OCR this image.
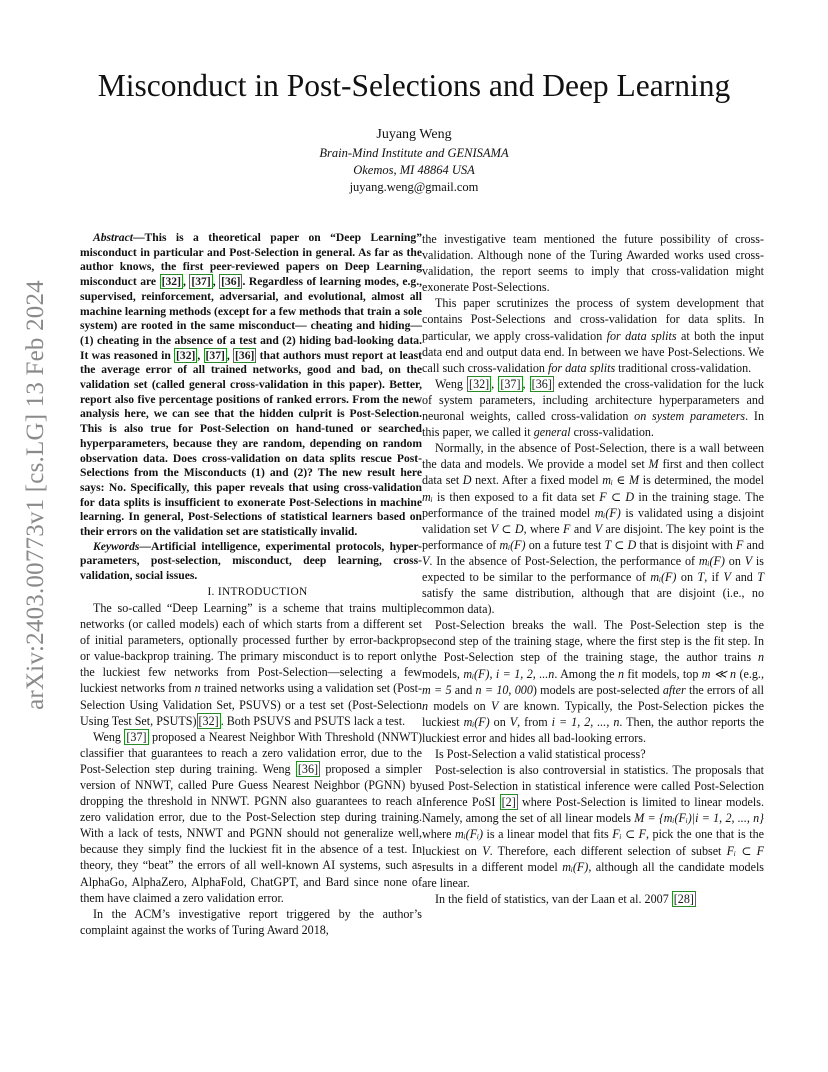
arXiv:2403.00773v1 [cs.LG] 13 Feb 2024
Misconduct in Post-Selections and Deep Learning
Juyang Weng
Brain-Mind Institute and GENISAMA
Okemos, MI 48864 USA
juyang.weng@gmail.com

Abstract—This is a theoretical paper on “Deep Learning” misconduct in particular and Post-Selection in general. As far as the author knows, the first peer-reviewed papers on Deep Learning misconduct are [32] , [37] , [36] . Regardless of learning modes, e.g., supervised, reinforcement, adversarial, and evolutional, almost all machine learning methods (except for a few methods that train a sole system) are rooted in the same misconduct— cheating and hiding—(1) cheating in the absence of a test and (2) hiding bad-looking data. It was reasoned in [32] , [37] , [36] that authors must report at least the average error of all trained networks, good and bad, on the validation set (called general cross-validation in this paper). Better, report also five percentage positions of ranked errors. From the new analysis here, we can see that the hidden culprit is Post-Selection. This is also true for Post-Selection on hand-tuned or searched hyperparameters, because they are random, depending on random observation data. Does cross-validation on data splits rescue Post-Selections from the Misconducts (1) and (2)? The new result here says: No. Specifically, this paper reveals that using cross-validation for data splits is insufficient to exonerate Post-Selections in machine learning. In general, Post-Selections of statistical learners based on their errors on the validation set are statistically invalid.

Keywords—Artificial intelligence, experimental protocols, hyper-parameters, post-selection, misconduct, deep learning, cross-validation, social issues.

I. INTRODUCTION

The so-called “Deep Learning” is a scheme that trains multiple networks (or called models) each of which starts from a different set of initial parameters, optionally processed further by error-backprop or value-backprop training. The primary misconduct is to report only the luckiest few networks from Post-Selection—selecting a few luckiest networks from n trained networks using a validation set (Post-Selection Using Validation Set, PSUVS) or a test set (Post-Selection Using Test Set, PSUTS) [32] . Both PSUVS and PSUTS lack a test.

Weng [37] proposed a Nearest Neighbor With Threshold (NNWT) classifier that guarantees to reach a zero validation error, due to the Post-Selection step during training. Weng [36] proposed a simpler version of NNWT, called Pure Guess Nearest Neighbor (PGNN) by dropping the threshold in NNWT. PGNN also guarantees to reach a zero validation error, due to the Post-Selection step during training. With a lack of tests, NNWT and PGNN should not generalize well, because they simply find the luckiest fit in the absence of a test. In theory, they “beat” the errors of all well-known AI systems, such as AlphaGo, AlphaZero, AlphaFold, ChatGPT, and Bard since none of them have claimed a zero validation error.

In the ACM’s investigative report triggered by the author’s complaint against the works of Turing Award 2018,

the investigative team mentioned the future possibility of cross-validation. Although none of the Turing Awarded works used cross-validation, the report seems to imply that cross-validation might exonerate Post-Selections.

This paper scrutinizes the process of system development that contains Post-Selections and cross-validation for data splits. In particular, we apply cross-validation for data splits at both the input data end and output data end. In between we have Post-Selections. We call such cross-validation for data splits traditional cross-validation.

Weng [32] , [37] , [36] extended the cross-validation for the luck of system parameters, including architecture hyperparameters and neuronal weights, called cross-validation on system parameters. In this paper, we called it general cross-validation.

Normally, in the absence of Post-Selection, there is a wall between the data and models. We provide a model set M first and then collect data set D next. After a fixed model mᵢ ∈ M is determined, the model mᵢ is then exposed to a fit data set F ⊂ D in the training stage. The performance of the trained model mᵢ(F) is validated using a disjoint validation set V ⊂ D, where F and V are disjoint. The key point is the performance of mᵢ(F) on a future test T ⊂ D that is disjoint with F and V. In the absence of Post-Selection, the performance of mᵢ(F) on V is expected to be similar to the performance of mᵢ(F) on T, if V and T satisfy the same distribution, although that are disjoint (i.e., no common data).

Post-Selection breaks the wall. The Post-Selection step is the second step of the training stage, where the first step is the fit step. In the Post-Selection step of the training stage, the author trains n models, mᵢ(F), i = 1, 2, ...n. Among the n fit models, top m ≪ n (e.g., m = 5 and n = 10, 000) models are post-selected after the errors of all n models on V are known. Typically, the Post-Selection pickes the luckiest mᵢ(F) on V, from i = 1, 2, ..., n. Then, the author reports the luckiest error and hides all bad-looking errors.

Is Post-Selection a valid statistical process?

Post-selection is also controversial in statistics. The proposals that used Post-Selection in statistical inference were called Post-Selection Inference PoSI [2] where Post-Selection is limited to linear models. Namely, among the set of all linear models M = {mᵢ(Fᵢ)|i = 1, 2, ..., n} where mᵢ(Fᵢ) is a linear model that fits Fᵢ ⊂ F, pick the one that is the luckiest on V. Therefore, each different selection of subset Fᵢ ⊂ F results in a different model mᵢ(F), although all the candidate models are linear.

In the field of statistics, van der Laan et al. 2007 [28]
